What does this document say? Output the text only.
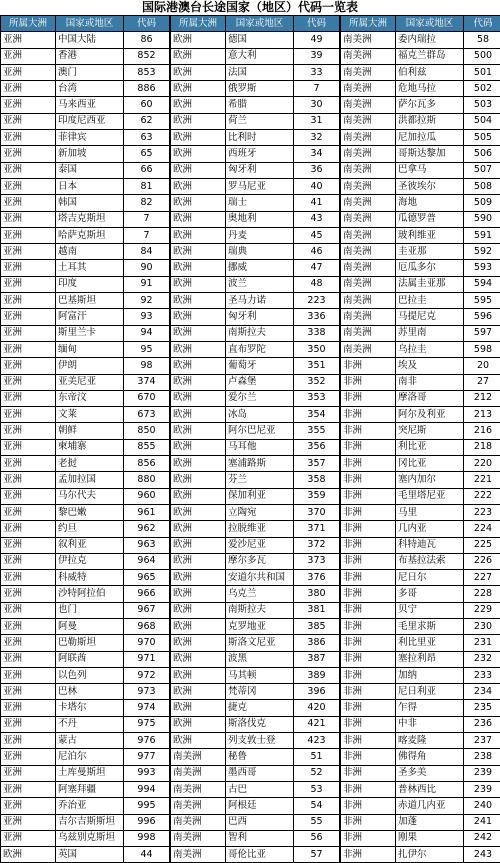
国际港澳台长途国家（地区）代码一览表
所属大洲	国家或地区	代码
亚洲	中国大陆	86
亚洲	香港	852
亚洲	澳门	853
亚洲	台湾	886
亚洲	马来西亚	60
亚洲	印度尼西亚	62
亚洲	菲律宾	63
亚洲	新加坡	65
亚洲	泰国	66
亚洲	日本	81
亚洲	韩国	82
亚洲	塔吉克斯坦	7
亚洲	哈萨克斯坦	7
亚洲	越南	84
亚洲	土耳其	90
亚洲	印度	91
亚洲	巴基斯坦	92
亚洲	阿富汗	93
亚洲	斯里兰卡	94
亚洲	缅甸	95
亚洲	伊朗	98
亚洲	亚美尼亚	374
亚洲	东帝汶	670
亚洲	文莱	673
亚洲	朝鲜	850
亚洲	柬埔寨	855
亚洲	老挝	856
亚洲	孟加拉国	880
亚洲	马尔代夫	960
亚洲	黎巴嫩	961
亚洲	约旦	962
亚洲	叙利亚	963
亚洲	伊拉克	964
亚洲	科威特	965
亚洲	沙特阿拉伯	966
亚洲	也门	967
亚洲	阿曼	968
亚洲	巴勒斯坦	970
亚洲	阿联酋	971
亚洲	以色列	972
亚洲	巴林	973
亚洲	卡塔尔	974
亚洲	不丹	975
亚洲	蒙古	976
亚洲	尼泊尔	977
亚洲	土库曼斯坦	993
亚洲	阿塞拜疆	994
亚洲	乔治亚	995
亚洲	吉尔吉斯斯坦	996
亚洲	乌兹别克斯坦	998
欧洲	英国	44
所属大洲	国家或地区	代码
欧洲	德国	49
欧洲	意大利	39
欧洲	法国	33
欧洲	俄罗斯	7
欧洲	希腊	30
欧洲	荷兰	31
欧洲	比利时	32
欧洲	西班牙	34
欧洲	匈牙利	36
欧洲	罗马尼亚	40
欧洲	瑞士	41
欧洲	奥地利	43
欧洲	丹麦	45
欧洲	瑞典	46
欧洲	挪威	47
欧洲	波兰	48
欧洲	圣马力诺	223
欧洲	匈牙利	336
欧洲	南斯拉夫	338
欧洲	直布罗陀	350
欧洲	葡萄牙	351
欧洲	卢森堡	352
欧洲	爱尔兰	353
欧洲	冰岛	354
欧洲	阿尔巴尼亚	355
欧洲	马耳他	356
欧洲	塞浦路斯	357
欧洲	芬兰	358
欧洲	保加利亚	359
欧洲	立陶宛	370
欧洲	拉脱维亚	371
欧洲	爱沙尼亚	372
欧洲	摩尔多瓦	373
欧洲	安道尔共和国	376
欧洲	乌克兰	380
欧洲	南斯拉夫	381
欧洲	克罗地亚	385
欧洲	斯洛文尼亚	386
欧洲	波黑	387
欧洲	马其顿	389
欧洲	梵蒂冈	396
欧洲	捷克	420
欧洲	斯洛伐克	421
欧洲	列支敦士登	423
南美洲	秘鲁	51
南美洲	墨西哥	52
南美洲	古巴	53
南美洲	阿根廷	54
南美洲	巴西	55
南美洲	智利	56
南美洲	哥伦比亚	57
所属大洲	国家或地区	代码
南美洲	委内瑞拉	58
南美洲	福克兰群岛	500
南美洲	伯利兹	501
南美洲	危地马拉	502
南美洲	萨尔瓦多	503
南美洲	洪都拉斯	504
南美洲	尼加拉瓜	505
南美洲	哥斯达黎加	506
南美洲	巴拿马	507
南美洲	圣彼埃尔	508
南美洲	海地	509
南美洲	瓜德罗普	590
南美洲	玻利维亚	591
南美洲	圭亚那	592
南美洲	厄瓜多尔	593
南美洲	法属圭亚那	594
南美洲	巴拉圭	595
南美洲	马提尼克	596
南美洲	苏里南	597
南美洲	乌拉圭	598
非洲	埃及	20
非洲	南非	27
非洲	摩洛哥	212
非洲	阿尔及利亚	213
非洲	突尼斯	216
非洲	利比亚	218
非洲	冈比亚	220
非洲	塞内加尔	221
非洲	毛里塔尼亚	222
非洲	马里	223
非洲	几内亚	224
非洲	科特迪瓦	225
非洲	布基拉法索	226
非洲	尼日尔	227
非洲	多哥	228
非洲	贝宁	229
非洲	毛里求斯	230
非洲	利比里亚	231
非洲	塞拉利昂	232
非洲	加纳	233
非洲	尼日利亚	234
非洲	乍得	235
非洲	中非	236
非洲	喀麦隆	237
非洲	佛得角	238
非洲	圣多美	239
非洲	普林西比	239
非洲	赤道几内亚	240
非洲	加蓬	241
非洲	刚果	242
非洲	扎伊尔	243
